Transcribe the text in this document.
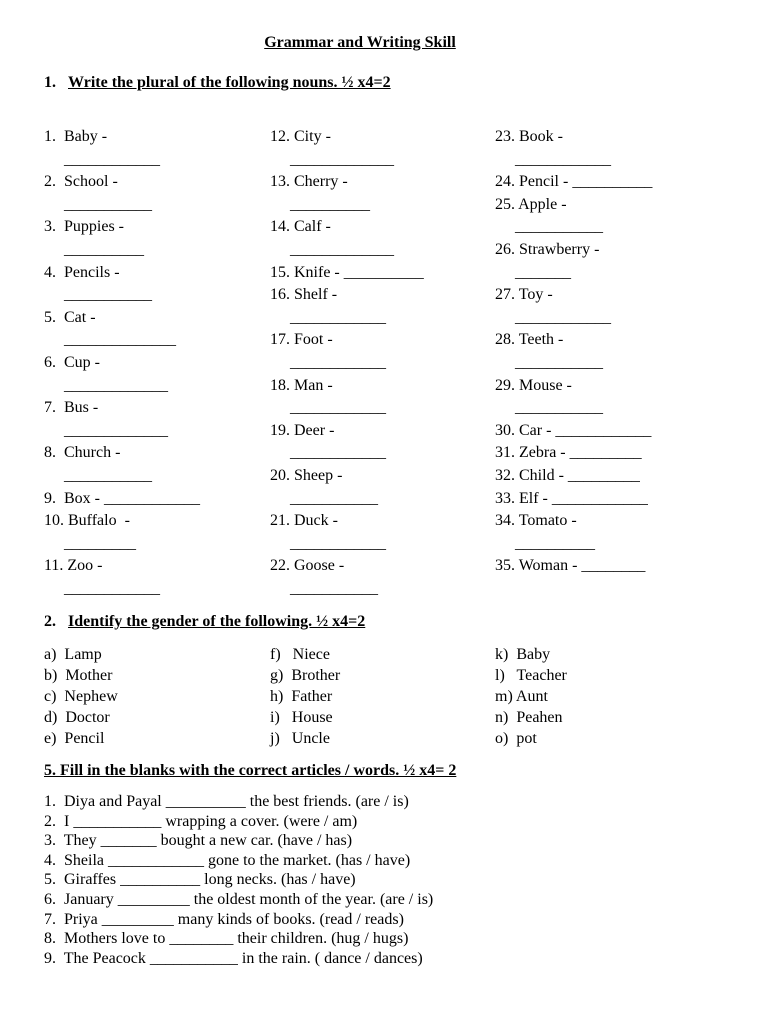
Grammar and Writing Skill
1. Write the plural of the following nouns. ½ x4=2
1.  Baby -
____________
2.  School -
___________
3.  Puppies -
__________
4.  Pencils -
___________
5.  Cat -
______________
6.  Cup -
_____________
7.  Bus -
_____________
8.  Church -
___________
9.  Box - ____________
10. Buffalo  -
_________
11. Zoo -
____________
12. City -
_____________
13. Cherry -
__________
14. Calf -
_____________
15. Knife - __________
16. Shelf -
____________
17. Foot -
____________
18. Man -
____________
19. Deer -
____________
20. Sheep -
___________
21. Duck -
____________
22. Goose -
___________
23. Book -
____________
24. Pencil - __________
25. Apple -
___________
26. Strawberry -
_______
27. Toy -
____________
28. Teeth -
___________
29. Mouse -
___________
30. Car - ____________
31. Zebra - _________
32. Child - _________
33. Elf - ____________
34. Tomato -
__________
35. Woman - ________
2. Identify the gender of the following. ½ x4=2
a)  Lamp
b)  Mother
c)  Nephew
d)  Doctor
e)  Pencil
f)   Niece
g)  Brother
h)  Father
i)   House
j)   Uncle
k)  Baby
l)   Teacher
m) Aunt
n)  Peahen
o)  pot
5. Fill in the blanks with the correct articles / words. ½ x4= 2
1.  Diya and Payal __________ the best friends. (are / is)
2.  I ___________ wrapping a cover. (were / am)
3.  They _______ bought a new car. (have / has)
4.  Sheila ____________ gone to the market. (has / have)
5.  Giraffes __________ long necks. (has / have)
6.  January _________ the oldest month of the year. (are / is)
7.  Priya _________ many kinds of books. (read / reads)
8.  Mothers love to ________ their children. (hug / hugs)
9.  The Peacock ___________ in the rain. ( dance / dances)
